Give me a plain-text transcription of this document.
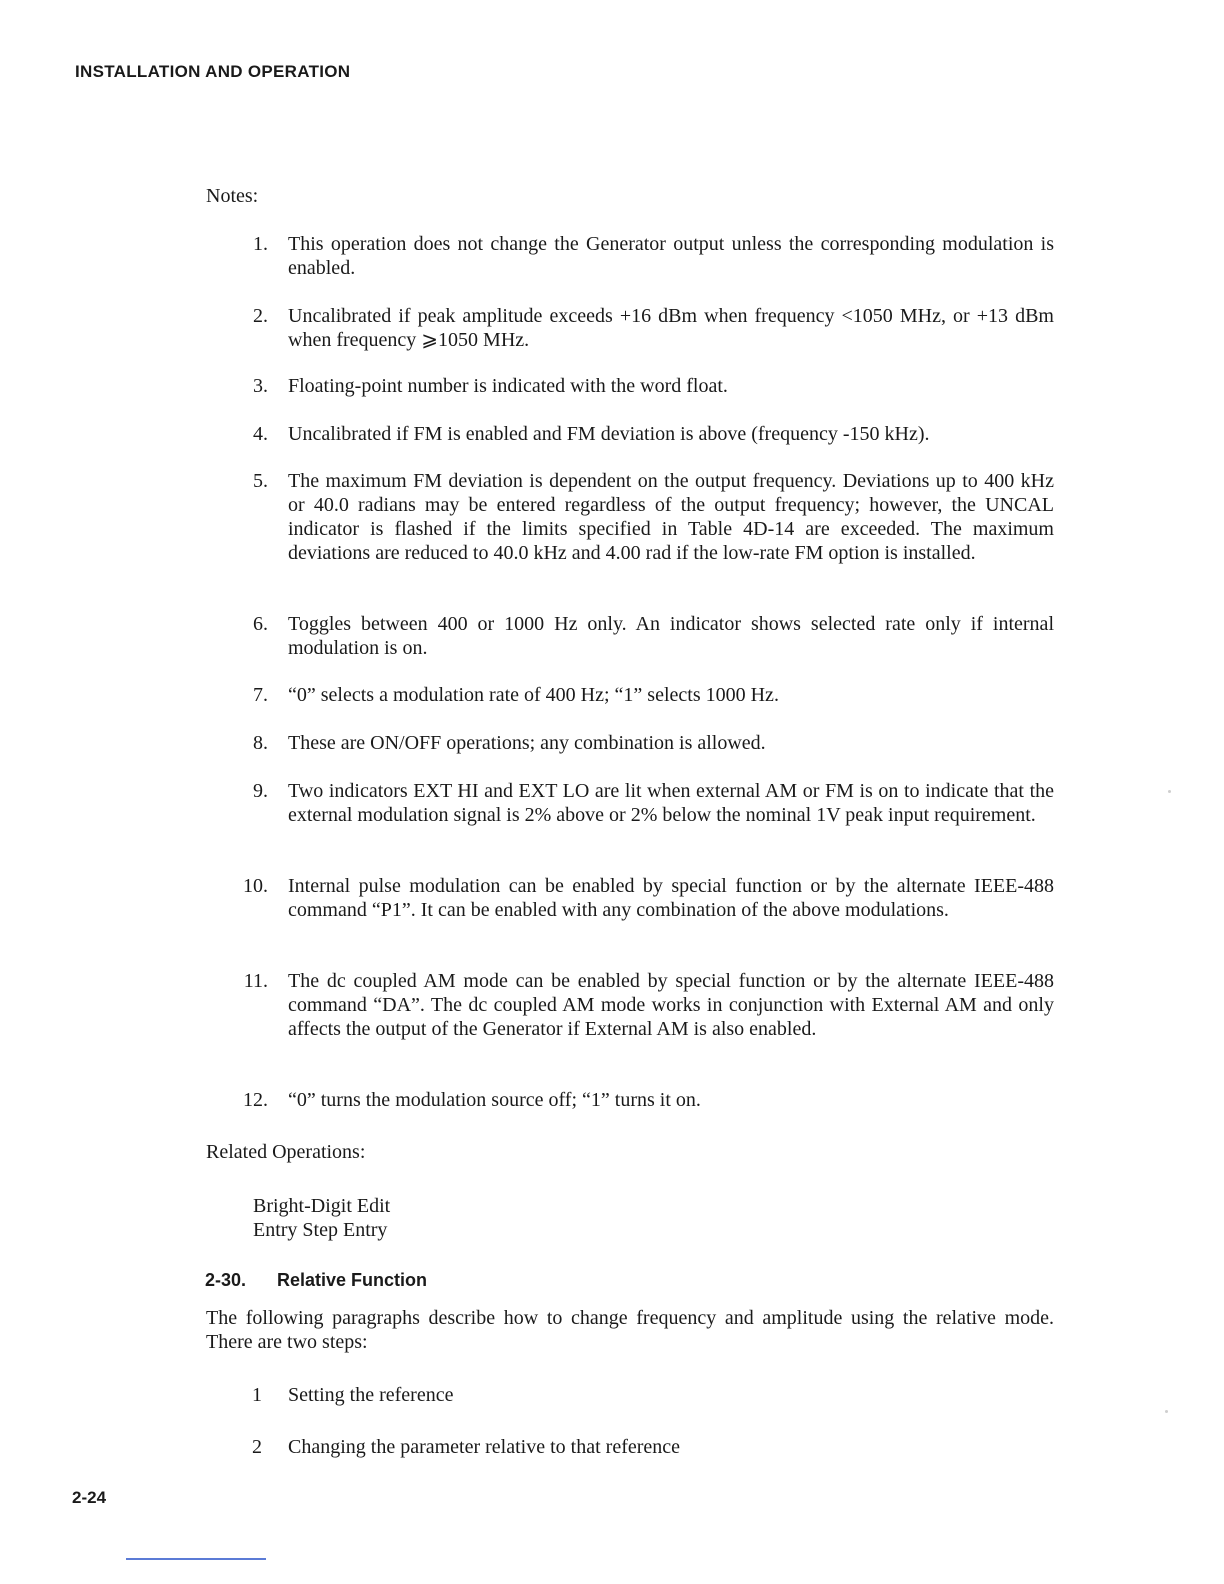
INSTALLATION AND OPERATION
Notes:
1. This operation does not change the Generator output unless the corresponding modulation is enabled.
2. Uncalibrated if peak amplitude exceeds +16 dBm when frequency <1050 MHz, or +13 dBm when frequency ⩾1050 MHz.
3. Floating-point number is indicated with the word float.
4. Uncalibrated if FM is enabled and FM deviation is above (frequency -150 kHz).
5. The maximum FM deviation is dependent on the output frequency. Deviations up to 400 kHz or 40.0 radians may be entered regardless of the output frequency; however, the UNCAL indicator is flashed if the limits specified in Table 4D-14 are exceeded. The maximum deviations are reduced to 40.0 kHz and 4.00 rad if the low-rate FM option is installed.
6. Toggles between 400 or 1000 Hz only. An indicator shows selected rate only if internal modulation is on.
7. “0” selects a modulation rate of 400 Hz; “1” selects 1000 Hz.
8. These are ON/OFF operations; any combination is allowed.
9. Two indicators EXT HI and EXT LO are lit when external AM or FM is on to indicate that the external modulation signal is 2% above or 2% below the nominal 1V peak input requirement.
10. Internal pulse modulation can be enabled by special function or by the alternate IEEE-488 command “P1”. It can be enabled with any combination of the above modulations.
11. The dc coupled AM mode can be enabled by special function or by the alternate IEEE-488 command “DA”. The dc coupled AM mode works in conjunction with External AM and only affects the output of the Generator if External AM is also enabled.
12. “0” turns the modulation source off; “1” turns it on.
Related Operations:
Bright-Digit Edit
Entry Step Entry
2-30. Relative Function
The following paragraphs describe how to change frequency and amplitude using the relative mode. There are two steps:
1 Setting the reference
2 Changing the parameter relative to that reference
2-24
